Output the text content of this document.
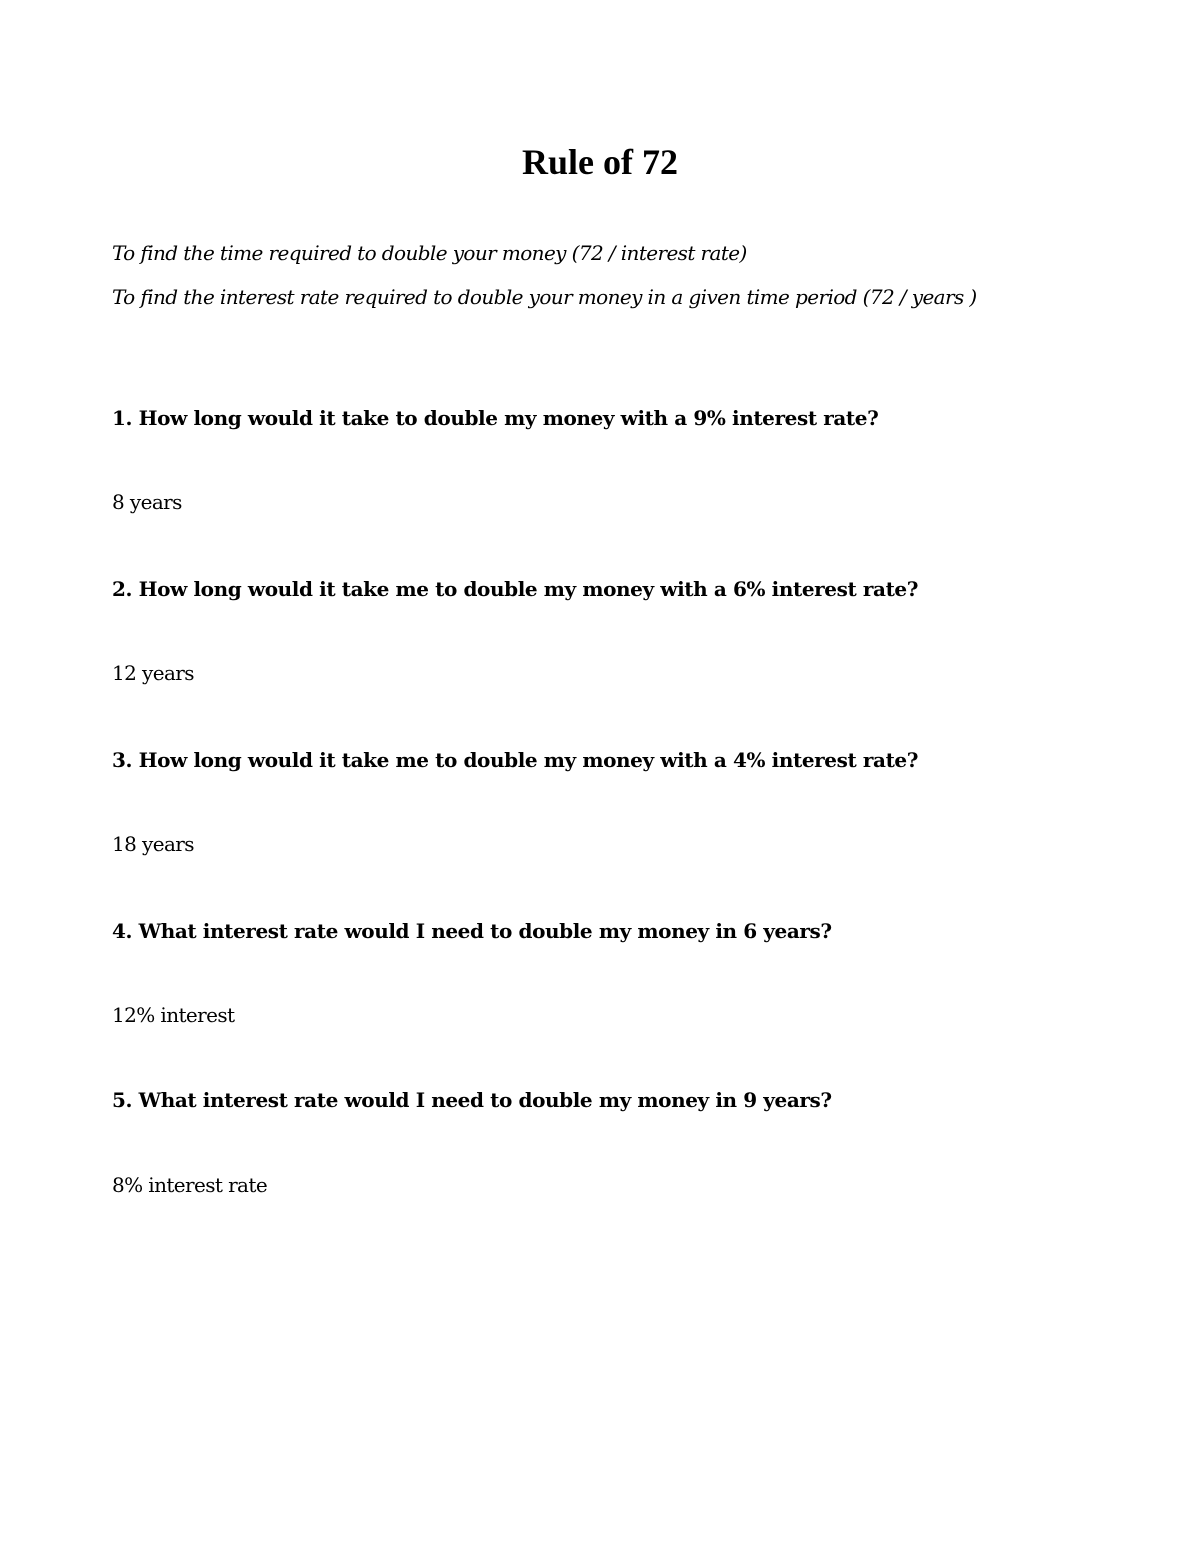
Rule of 72

To find the time required to double your money (72 / interest rate)

To find the interest rate required to double your money in a given time period (72 / years )

1. How long would it take to double my money with a 9% interest rate?

8 years

2. How long would it take me to double my money with a 6% interest rate?

12 years

3. How long would it take me to double my money with a 4% interest rate?

18 years

4. What interest rate would I need to double my money in 6 years?

12% interest

5. What interest rate would I need to double my money in 9 years?

8% interest rate
